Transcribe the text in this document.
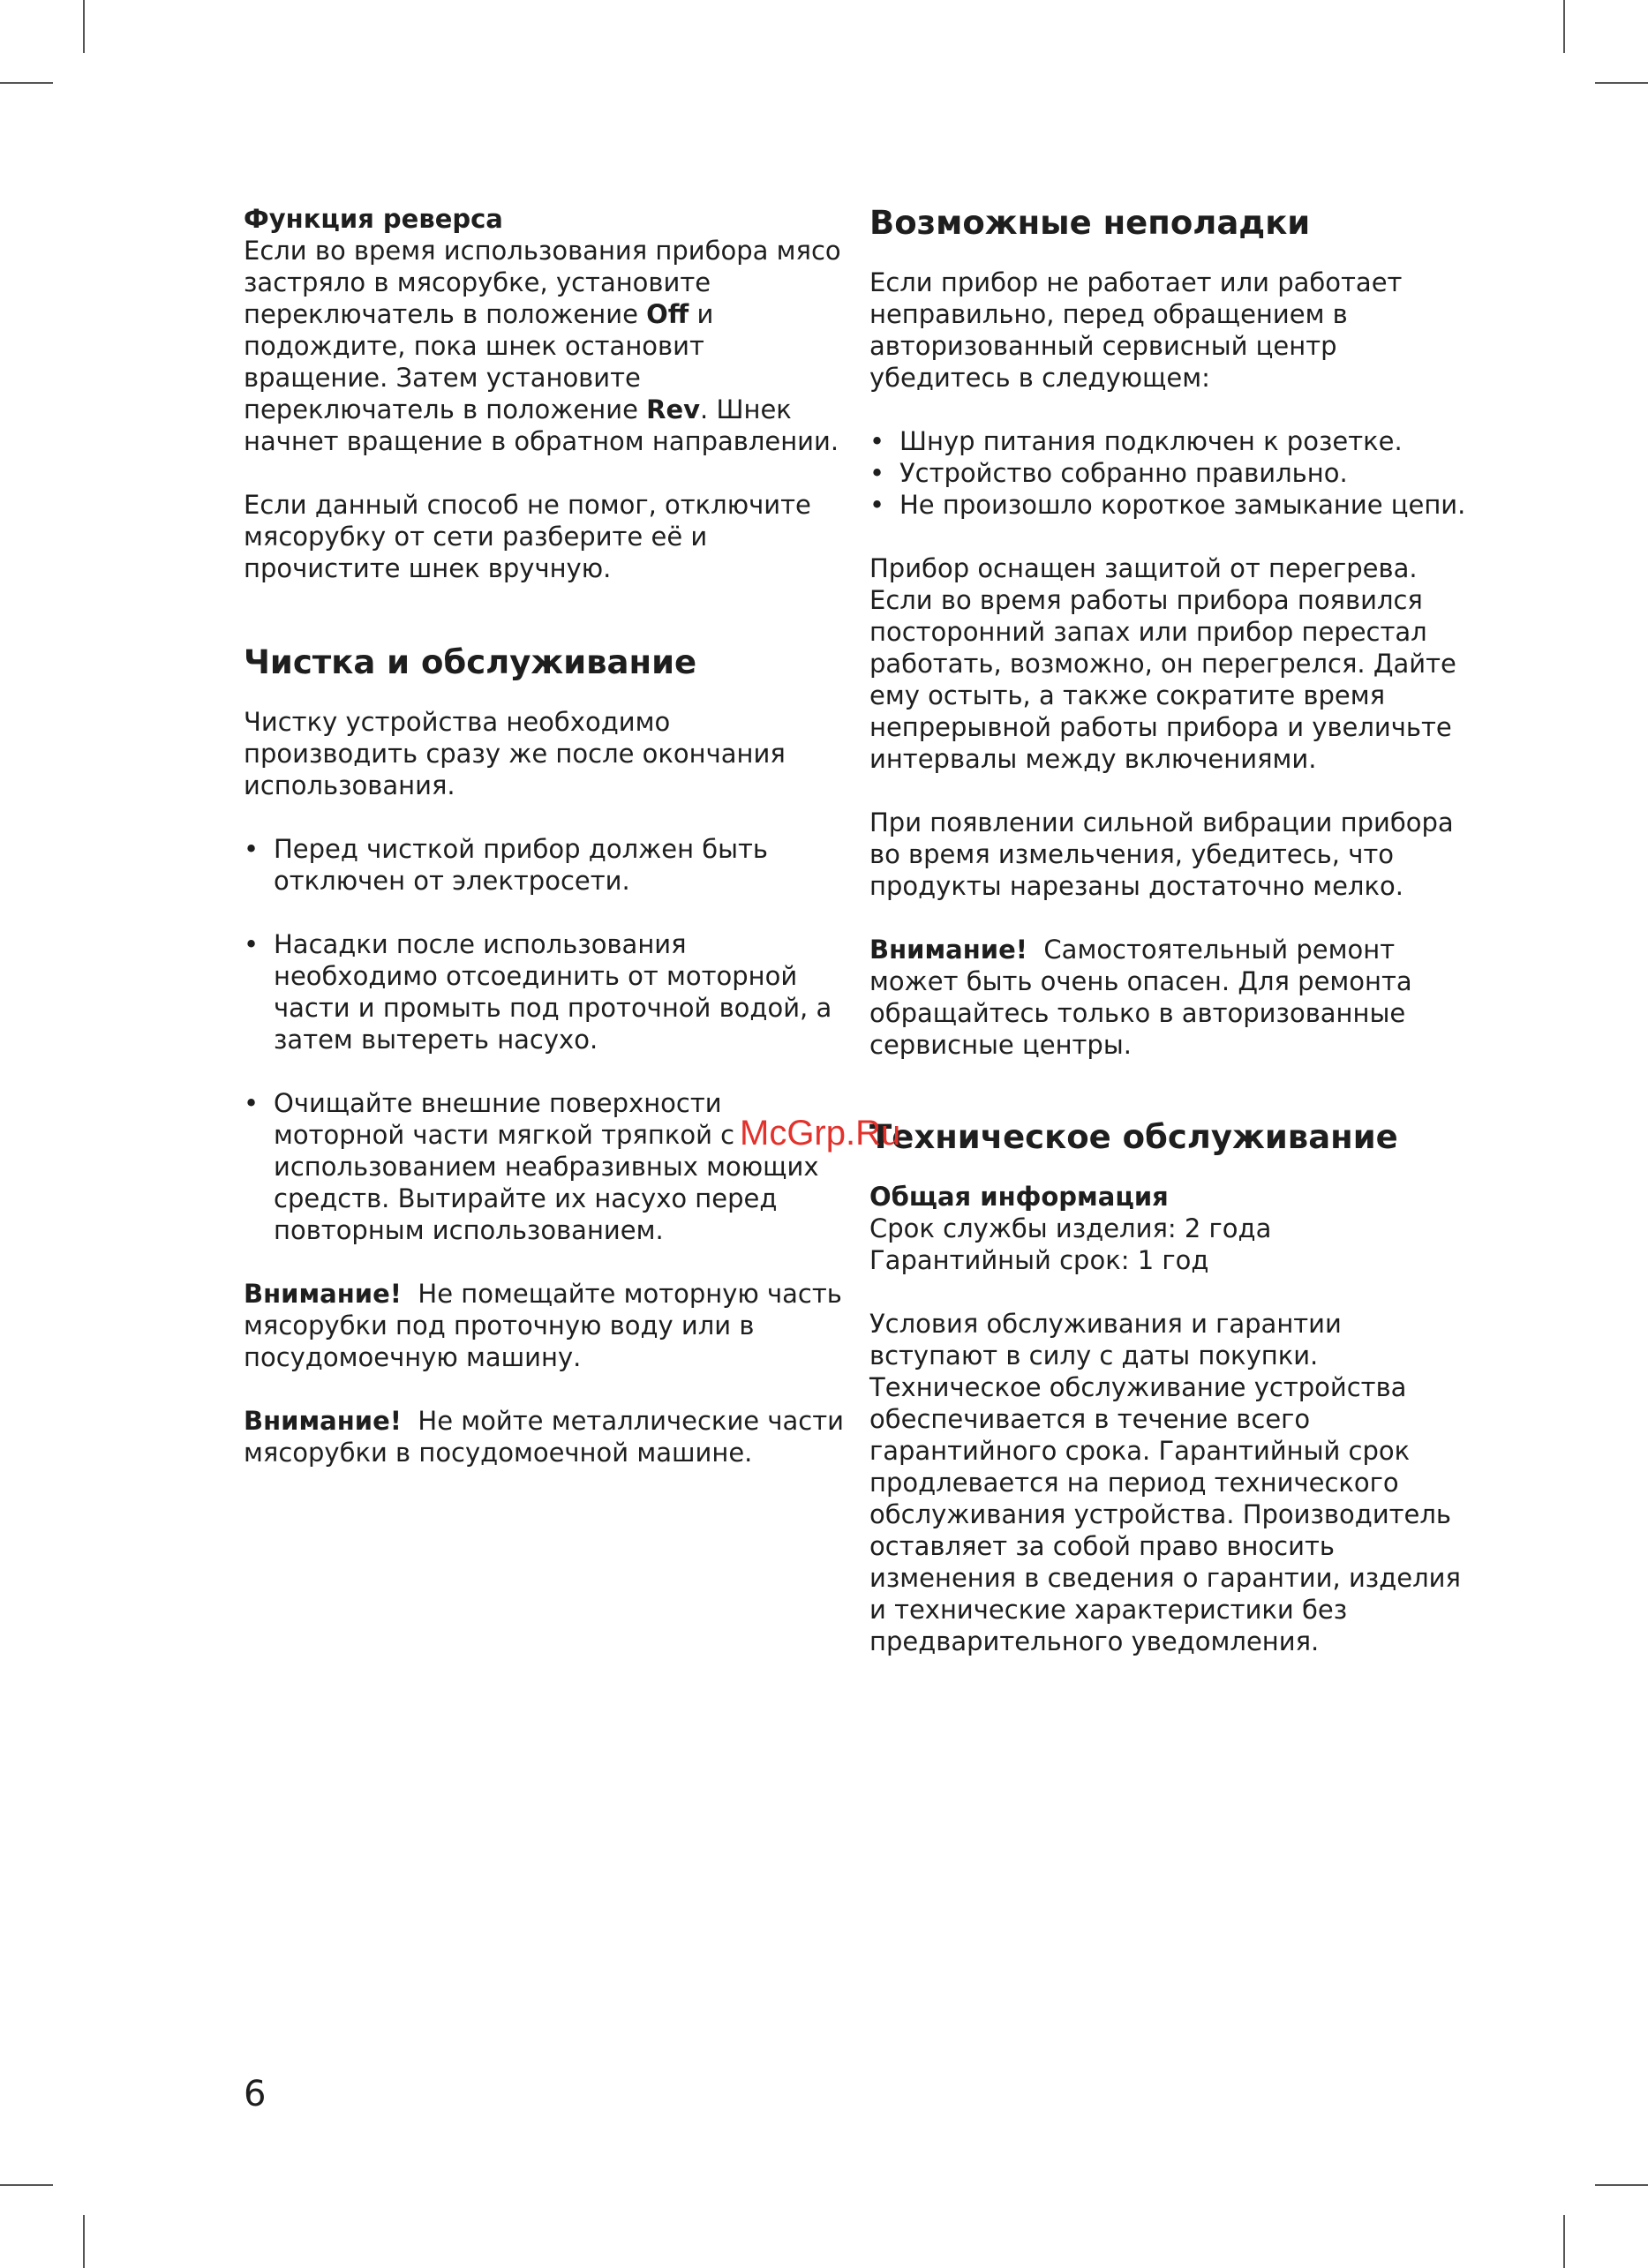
Функция реверса

Если во время использования прибора мясо застряло в мясорубке, установите переключатель в положение Off и подождите, пока шнек остановит вращение. Затем установите переключатель в положение Rev. Шнек начнет вращение в обратном направлении.

Если данный способ не помог, отключите мясорубку от сети разберите её и прочистите шнек вручную.

Чистка и обслуживание

Чистку устройства необходимо производить сразу же после окончания использования.

• Перед чисткой прибор должен быть отключен от электросети.
• Насадки после использования необходимо отсоединить от моторной части и промыть под проточной водой, а затем вытереть насухо.
• Очищайте внешние поверхности моторной части мягкой тряпкой с использованием неабразивных моющих средств. Вытирайте их насухо перед повторным использованием.

Внимание! Не помещайте моторную часть мясорубки под проточную воду или в посудомоечную машину.

Внимание! Не мойте металлические части мясорубки в посудомоечной машине.

Возможные неполадки

Если прибор не работает или работает неправильно, перед обращением в авторизованный сервисный центр убедитесь в следующем:

• Шнур питания подключен к розетке.
• Устройство собранно правильно.
• Не произошло короткое замыкание цепи.

Прибор оснащен защитой от перегрева. Если во время работы прибора появился посторонний запах или прибор перестал работать, возможно, он перегрелся. Дайте ему остыть, а также сократите время непрерывной работы прибора и увеличьте интервалы между включениями.

При появлении сильной вибрации прибора во время измельчения, убедитесь, что продукты нарезаны достаточно мелко.

Внимание! Самостоятельный ремонт может быть очень опасен. Для ремонта обращайтесь только в авторизованные сервисные центры.

Техническое обслуживание

Общая информация

Срок службы изделия: 2 года

Гарантийный срок: 1 год

Условия обслуживания и гарантии вступают в силу с даты покупки. Техническое обслуживание устройства обеспечивается в течение всего гарантийного срока. Гарантийный срок продлевается на период технического обслуживания устройства. Производитель оставляет за собой право вносить изменения в сведения о гарантии, изделия и технические характеристики без предварительного уведомления.

McGrp.Ru
6
